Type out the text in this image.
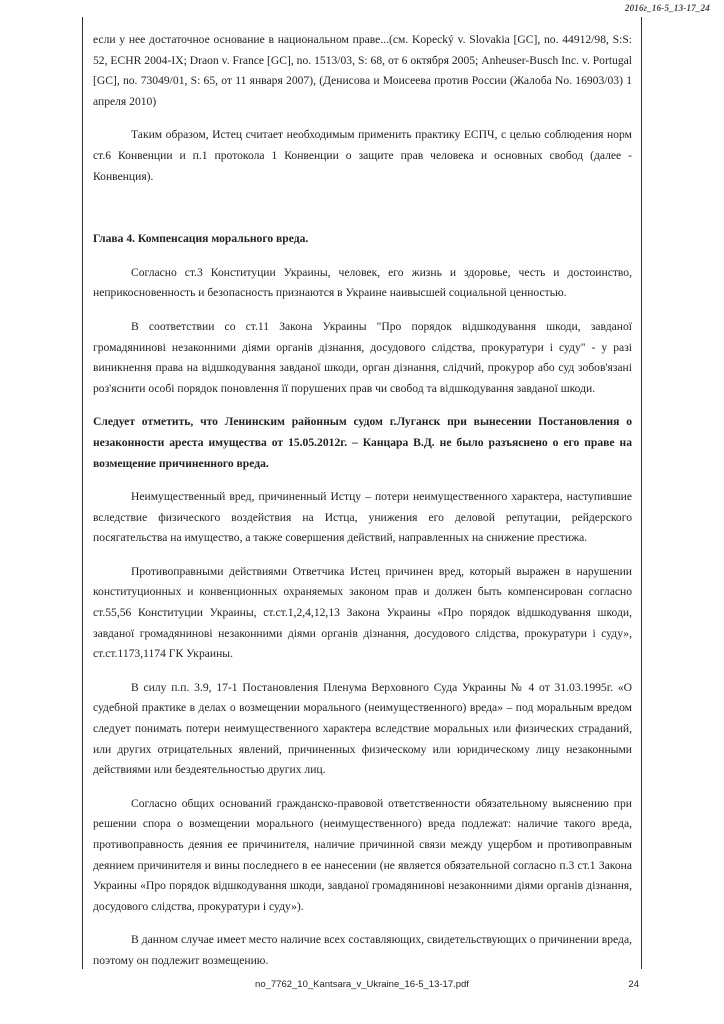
2016г_16-5_13-17_24

если у нее достаточное основание в национальном праве...(см. Kopecký v. Slovakia [GC], no. 44912/98, S:S: 52, ECHR 2004-IX; Draon v. France [GC], no. 1513/03, S: 68, от 6 октября 2005; Anheuser-Busch Inc. v. Portugal [GC], no. 73049/01, S: 65, от 11 января 2007), (Денисова и Моисеева против России (Жалоба No. 16903/03) 1 апреля 2010)

Таким образом, Истец считает необходимым применить практику ЕСПЧ, с целью соблюдения норм ст.6 Конвенции и п.1 протокола 1 Конвенции о защите прав человека и основных свобод (далее - Конвенция).

Глава 4. Компенсация морального вреда.

Согласно ст.3 Конституции Украины, человек, его жизнь и здоровье, честь и достоинство, неприкосновенность и безопасность признаются в Украине наивысшей социальной ценностью.

В соответствии со ст.11 Закона Украины "Про порядок відшкодування шкоди, завданої громадянинові незаконними діями органів дізнання, досудового слідства, прокуратури і суду" - у разі виникнення права на відшкодування завданої шкоди, орган дізнання, слідчий, прокурор або суд зобов'язані роз'яснити особі порядок поновлення її порушених прав чи свобод та відшкодування завданої шкоди.

Следует отметить, что Ленинским районным судом г.Луганск при вынесении Постановления о незаконности ареста имущества от 15.05.2012г. – Канцара В.Д. не было разъяснено о его праве на возмещение причиненного вреда.

Неимущественный вред, причиненный Истцу – потери неимущественного характера, наступившие вследствие физического воздействия на Истца, унижения его деловой репутации, рейдерского посягательства на имущество, а также совершения действий, направленных на снижение престижа.

Противоправными действиями Ответчика Истец причинен вред, который выражен в нарушении конституционных и конвенционных охраняемых законом прав и должен быть компенсирован согласно ст.55,56 Конституции Украины, ст.ст.1,2,4,12,13 Закона Украины «Про порядок відшкодування шкоди, завданої громадянинові незаконними діями органів дізнання, досудового слідства, прокуратури і суду», ст.ст.1173,1174 ГК Украины.

В силу п.п. 3.9, 17-1 Постановления Пленума Верховного Суда Украины № 4 от 31.03.1995г. «О судебной практике в делах о возмещении морального (неимущественного) вреда» – под моральным вредом следует понимать потери неимущественного характера вследствие моральных или физических страданий, или других отрицательных явлений, причиненных физическому или юридическому лицу незаконными действиями или бездеятельностью других лиц.

Согласно общих оснований гражданско-правовой ответственности обязательному выяснению при решении спора о возмещении морального (неимущественного) вреда подлежат: наличие такого вреда, противоправность деяния ее причинителя, наличие причинной связи между ущербом и противоправным деянием причинителя и вины последнего в ее нанесении (не является обязательной согласно п.3 ст.1 Закона Украины «Про порядок відшкодування шкоди, завданої громадянинові незаконними діями органів дізнання, досудового слідства, прокуратури і суду»).

В данном случае имеет место наличие всех составляющих, свидетельствующих о причинении вреда, поэтому он подлежит возмещению.

no_7762_10_Kantsara_v_Ukraine_16-5_13-17.pdf	24
